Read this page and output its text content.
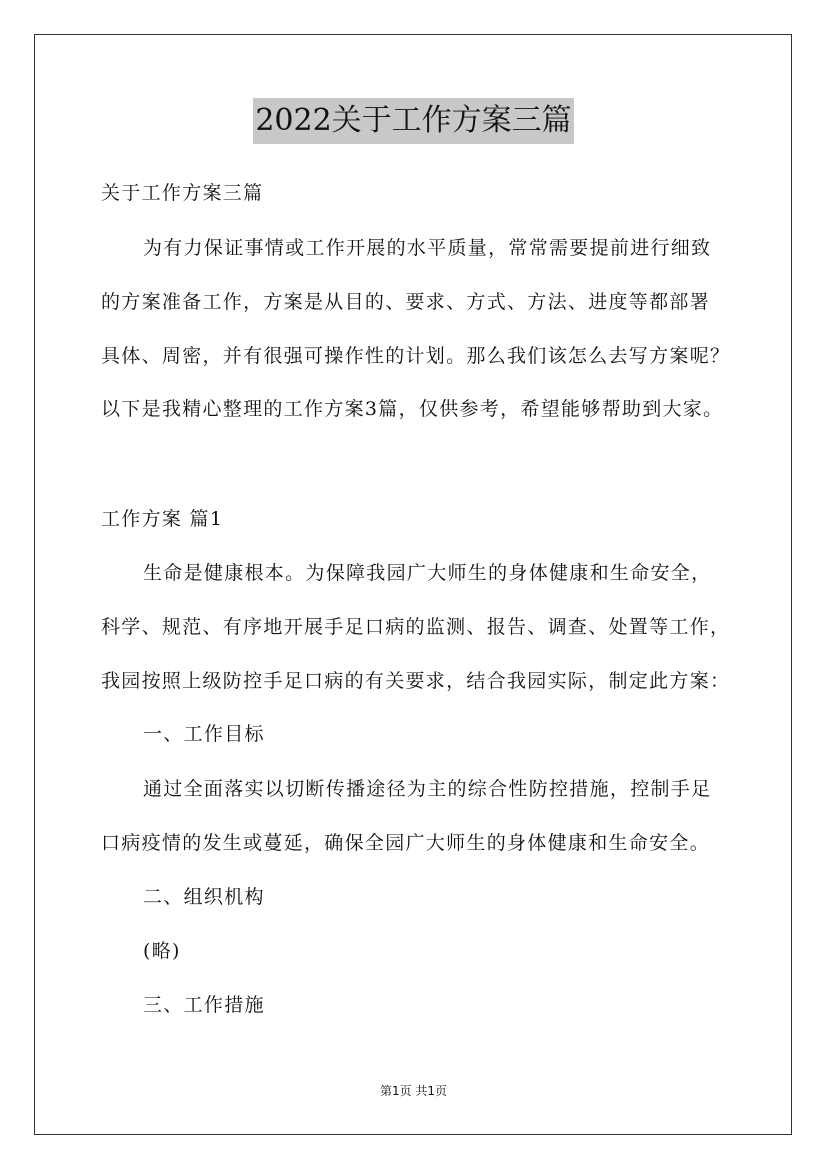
2022关于工作方案三篇
关于工作方案三篇
为有力保证事情或工作开展的水平质量，常常需要提前进行细致
的方案准备工作，方案是从目的、要求、方式、方法、进度等都部署
具体、周密，并有很强可操作性的计划。那么我们该怎么去写方案呢？
以下是我精心整理的工作方案3篇，仅供参考，希望能够帮助到大家。
工作方案 篇1
生命是健康根本。为保障我园广大师生的身体健康和生命安全，
科学、规范、有序地开展手足口病的监测、报告、调查、处置等工作，
我园按照上级防控手足口病的有关要求，结合我园实际，制定此方案：
一、工作目标
通过全面落实以切断传播途径为主的综合性防控措施，控制手足
口病疫情的发生或蔓延，确保全园广大师生的身体健康和生命安全。
二、组织机构
(略)
三、工作措施
第1页 共1页
